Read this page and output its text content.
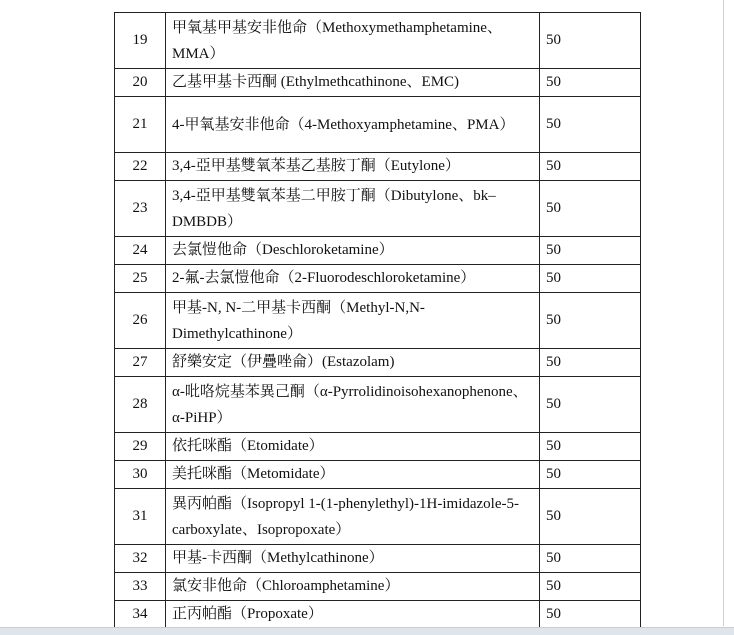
19	甲氧基甲基安非他命（Methoxymethamphetamine、MMA）	50
20	乙基甲基卡西酮 (Ethylmethcathinone、EMC)	50
21	4-甲氧基安非他命（4-Methoxyamphetamine、PMA）	50
22	3,4-亞甲基雙氧苯基乙基胺丁酮（Eutylone）	50
23	3,4-亞甲基雙氧苯基二甲胺丁酮（Dibutylone、bk–DMBDB）	50
24	去氯愷他命（Deschloroketamine）	50
25	2-氟-去氯愷他命（2-Fluorodeschloroketamine）	50
26	甲基-N, N-二甲基卡西酮（Methyl-N,N-Dimethylcathinone）	50
27	舒樂安定（伊疊唑侖）(Estazolam)	50
28	α-吡咯烷基苯異己酮（α-Pyrrolidinoisohexanophenone、α-PiHP）	50
29	依托咪酯（Etomidate）	50
30	美托咪酯（Metomidate）	50
31	異丙帕酯（Isopropyl 1-(1-phenylethyl)-1H-imidazole-5-carboxylate、Isopropoxate）	50
32	甲基-卡西酮（Methylcathinone）	50
33	氯安非他命（Chloroamphetamine）	50
34	正丙帕酯（Propoxate）	50
